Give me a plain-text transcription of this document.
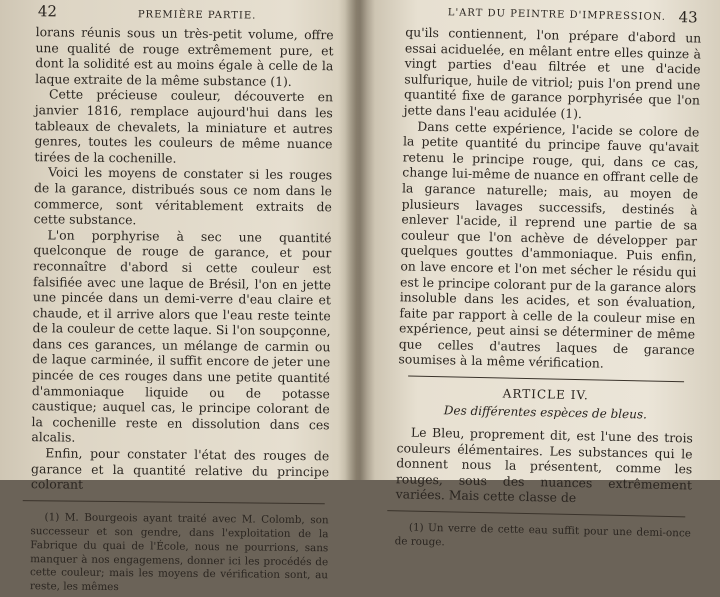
42	PREMIÈRE PARTIE.

lorans réunis sous un très-petit volume, offre une qualité de rouge extrêmement pure, et dont la solidité est au moins égale à celle de la laque extraite de la même substance (1).

Cette précieuse couleur, découverte en janvier 1816, remplace aujourd'hui dans les tableaux de chevalets, la miniature et autres genres, toutes les couleurs de même nuance tirées de la cochenille.

Voici les moyens de constater si les rouges de la garance, distribués sous ce nom dans le commerce, sont véritablement extraits de cette substance.

L'on porphyrise à sec une quantité quelconque de rouge de garance, et pour reconnaître d'abord si cette couleur est falsifiée avec une laque de Brésil, l'on en jette une pincée dans un demi-verre d'eau claire et chaude, et il arrive alors que l'eau reste teinte de la couleur de cette laque. Si l'on soupçonne, dans ces garances, un mélange de carmin ou de laque carminée, il suffit encore de jeter une pincée de ces rouges dans une petite quantité d'ammoniaque liquide ou de potasse caustique; auquel cas, le principe colorant de la cochenille reste en dissolution dans ces alcalis.

Enfin, pour constater l'état des rouges de garance et la quantité relative du principe colorant

(1) M. Bourgeois ayant traité avec M. Colomb, son successeur et son gendre, dans l'exploitation de la Fabrique du quai de l'École, nous ne pourrions, sans manquer à nos engagemens, donner ici les procédés de cette couleur; mais les moyens de vérification sont, au reste, les mêmes

L'ART DU PEINTRE D'IMPRESSION. 43

qu'ils contiennent, l'on prépare d'abord un essai aciduelée, en mêlant entre elles quinze à vingt parties d'eau filtrée et une d'acide sulfurique, huile de vitriol; puis l'on prend une quantité fixe de garance porphyrisée que l'on jette dans l'eau acidulée (1).

Dans cette expérience, l'acide se colore de la petite quantité du principe fauve qu'avait retenu le principe rouge, qui, dans ce cas, change lui-même de nuance en offrant celle de la garance naturelle; mais, au moyen de plusieurs lavages successifs, destinés à enlever l'acide, il reprend une partie de sa couleur que l'on achève de développer par quelques gouttes d'ammoniaque. Puis enfin, on lave encore et l'on met sécher le résidu qui est le principe colorant pur de la garance alors insoluble dans les acides, et son évaluation, faite par rapport à celle de la couleur mise en expérience, peut ainsi se déterminer de même que celles d'autres laques de garance soumises à la même vérification.

ARTICLE IV.
Des différentes espèces de bleus.

Le Bleu, proprement dit, est l'une des trois couleurs élémentaires. Les substances qui le donnent nous la présentent, comme les rouges, sous des nuances extrêmement variées. Mais cette classe de

(1) Un verre de cette eau suffit pour une demi-once de rouge.
